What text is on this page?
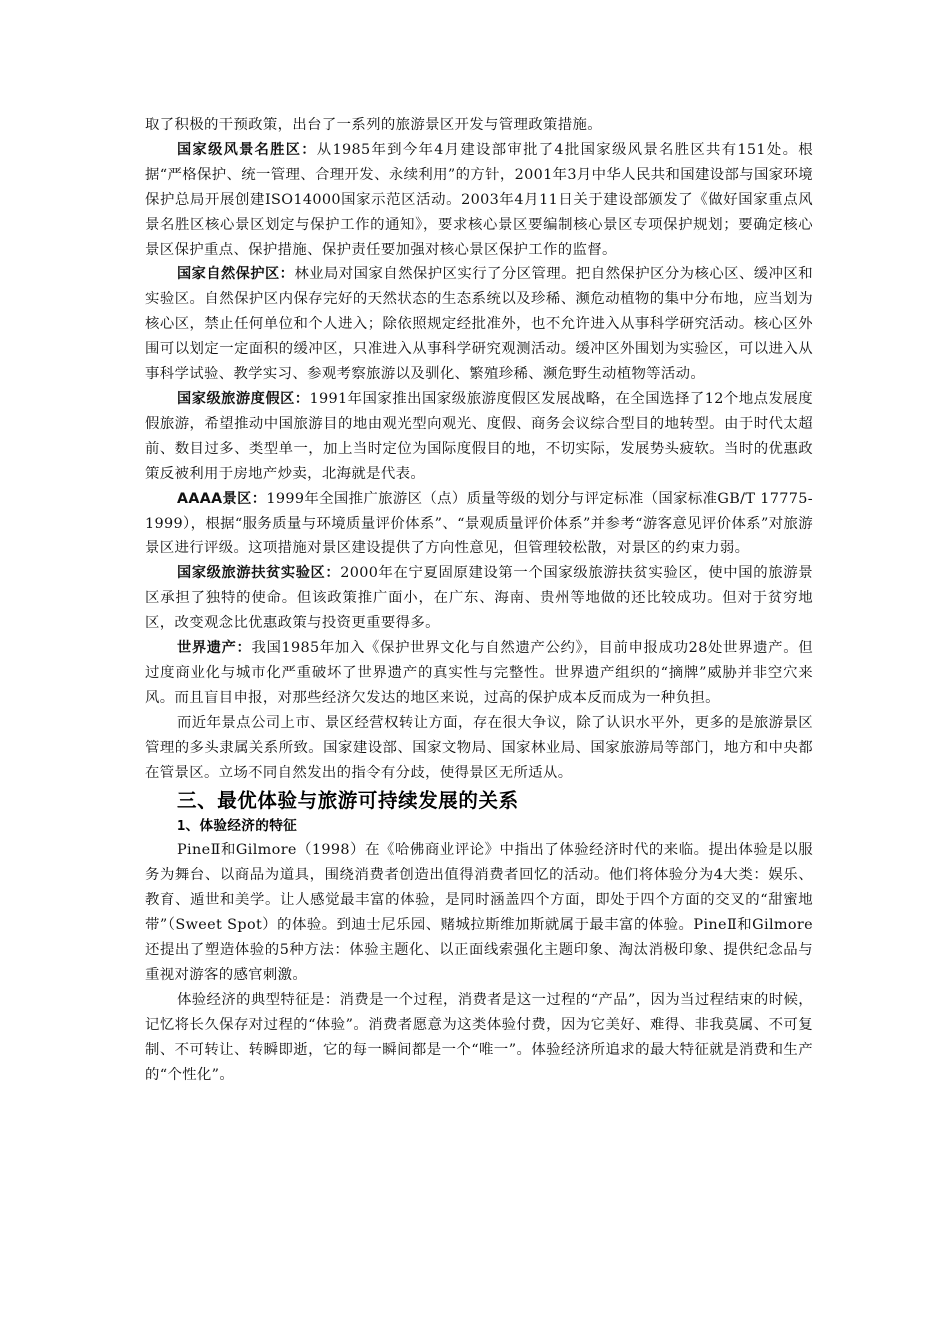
取了积极的干预政策，出台了一系列的旅游景区开发与管理政策措施。

国家级风景名胜区：从1985年到今年4月建设部审批了4批国家级风景名胜区共有151处。根据“严格保护、统一管理、合理开发、永续利用”的方针，2001年3月中华人民共和国建设部与国家环境保护总局开展创建ISO14000国家示范区活动。2003年4月11日关于建设部颁发了《做好国家重点风景名胜区核心景区划定与保护工作的通知》，要求核心景区要编制核心景区专项保护规划；要确定核心景区保护重点、保护措施、保护责任要加强对核心景区保护工作的监督。

国家自然保护区：林业局对国家自然保护区实行了分区管理。把自然保护区分为核心区、缓冲区和实验区。自然保护区内保存完好的天然状态的生态系统以及珍稀、濒危动植物的集中分布地，应当划为核心区，禁止任何单位和个人进入；除依照规定经批准外，也不允许进入从事科学研究活动。核心区外围可以划定一定面积的缓冲区，只准进入从事科学研究观测活动。缓冲区外围划为实验区，可以进入从事科学试验、教学实习、参观考察旅游以及驯化、繁殖珍稀、濒危野生动植物等活动。

国家级旅游度假区：1991年国家推出国家级旅游度假区发展战略，在全国选择了12个地点发展度假旅游，希望推动中国旅游目的地由观光型向观光、度假、商务会议综合型目的地转型。由于时代太超前、数目过多、类型单一，加上当时定位为国际度假目的地，不切实际，发展势头疲软。当时的优惠政策反被利用于房地产炒卖，北海就是代表。

AAAA景区：1999年全国推广旅游区（点）质量等级的划分与评定标准（国家标准GB/T 17775-1999），根据“服务质量与环境质量评价体系”、“景观质量评价体系”并参考“游客意见评价体系”对旅游景区进行评级。这项措施对景区建设提供了方向性意见，但管理较松散，对景区的约束力弱。

国家级旅游扶贫实验区：2000年在宁夏固原建设第一个国家级旅游扶贫实验区，使中国的旅游景区承担了独特的使命。但该政策推广面小，在广东、海南、贵州等地做的还比较成功。但对于贫穷地区，改变观念比优惠政策与投资更重要得多。

世界遗产：我国1985年加入《保护世界文化与自然遗产公约》，目前申报成功28处世界遗产。但过度商业化与城市化严重破坏了世界遗产的真实性与完整性。世界遗产组织的“摘牌”威胁并非空穴来风。而且盲目申报，对那些经济欠发达的地区来说，过高的保护成本反而成为一种负担。

而近年景点公司上市、景区经营权转让方面，存在很大争议，除了认识水平外，更多的是旅游景区管理的多头隶属关系所致。国家建设部、国家文物局、国家林业局、国家旅游局等部门，地方和中央都在管景区。立场不同自然发出的指令有分歧，使得景区无所适从。

三、最优体验与旅游可持续发展的关系
1、体验经济的特征

PineⅡ和Gilmore（1998）在《哈佛商业评论》中指出了体验经济时代的来临。提出体验是以服务为舞台、以商品为道具，围绕消费者创造出值得消费者回忆的活动。他们将体验分为4大类：娱乐、教育、遁世和美学。让人感觉最丰富的体验，是同时涵盖四个方面，即处于四个方面的交叉的“甜蜜地带”（Sweet Spot）的体验。到迪士尼乐园、赌城拉斯维加斯就属于最丰富的体验。PineⅡ和Gilmore还提出了塑造体验的5种方法：体验主题化、以正面线索强化主题印象、淘汰消极印象、提供纪念品与重视对游客的感官刺激。

体验经济的典型特征是：消费是一个过程，消费者是这一过程的“产品”，因为当过程结束的时候，记忆将长久保存对过程的“体验”。消费者愿意为这类体验付费，因为它美好、难得、非我莫属、不可复制、不可转让、转瞬即逝，它的每一瞬间都是一个“唯一”。体验经济所追求的最大特征就是消费和生产的“个性化”。
